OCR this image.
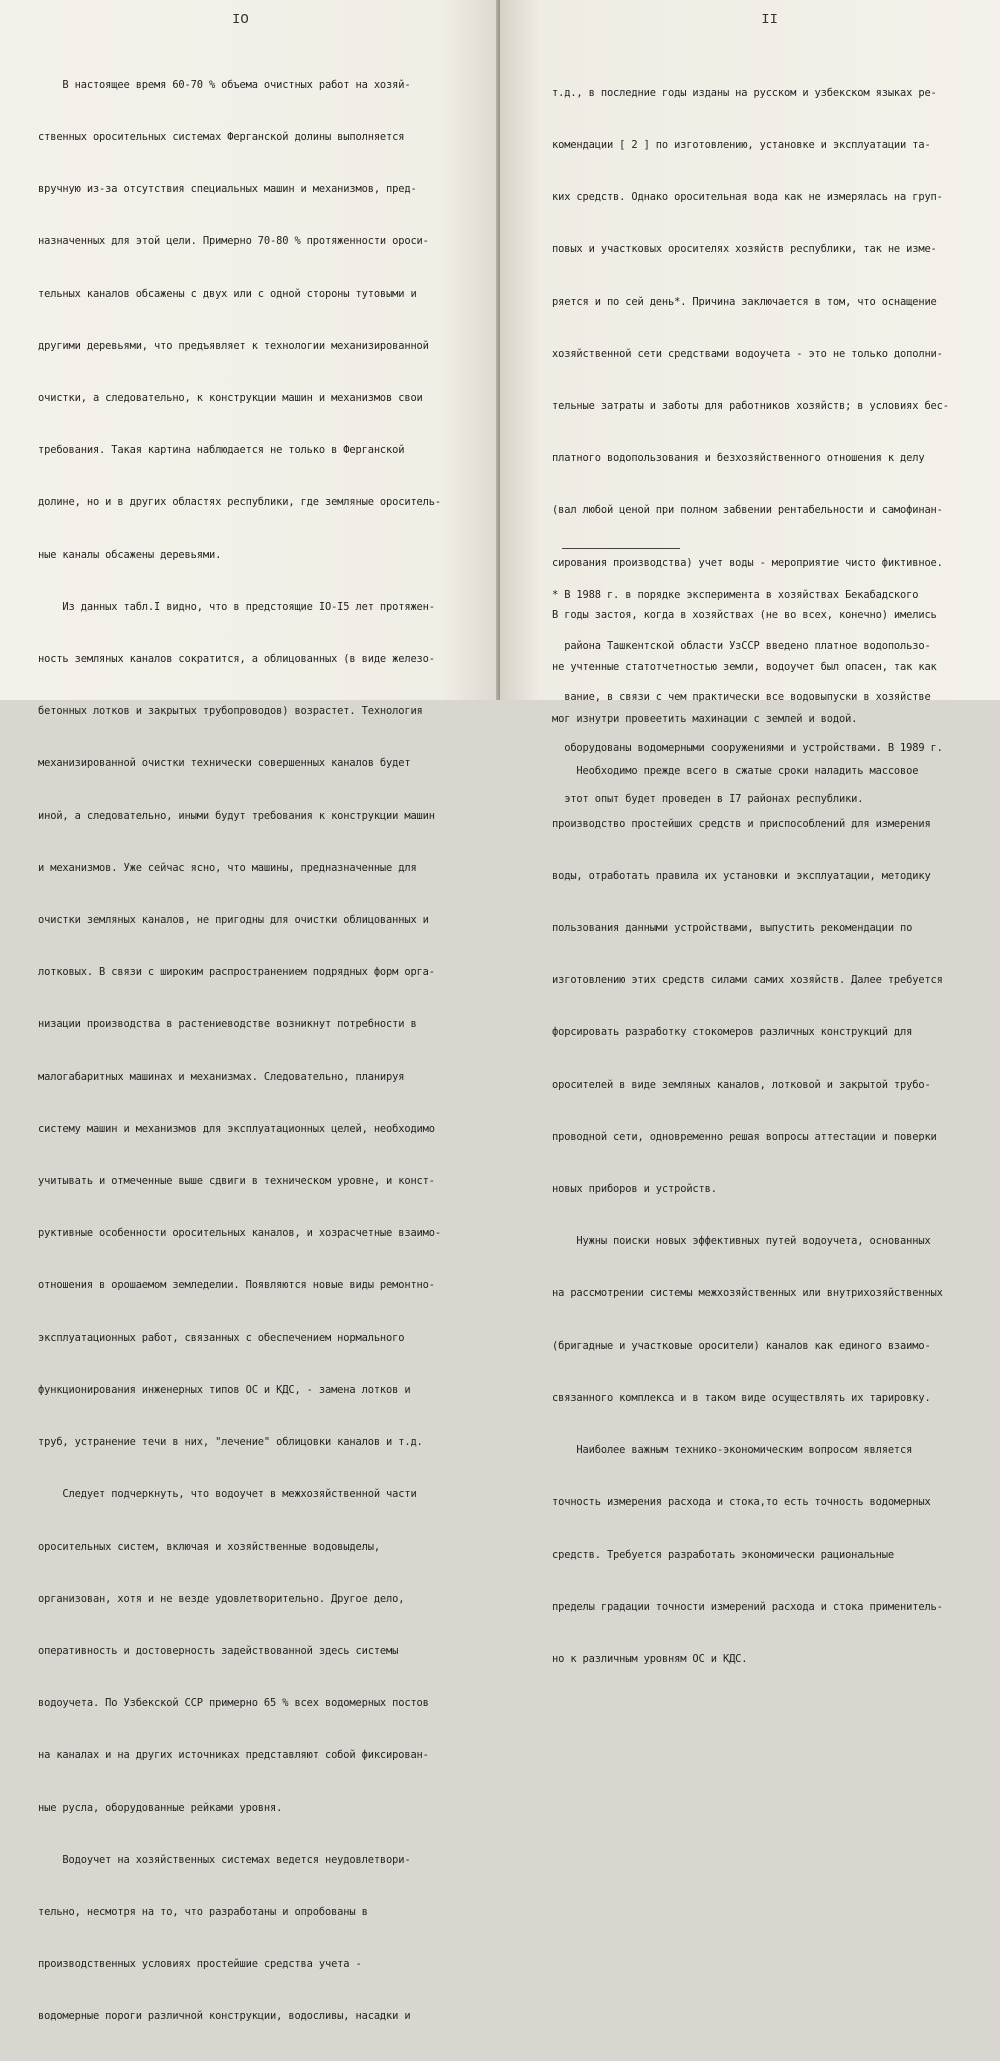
IO

В настоящее время 60-70 % объема очистных работ на хозяй-

ственных оросительных системах Ферганской долины выполняется

вручную из-за отсутствия специальных машин и механизмов, пред-

назначенных для этой цели. Примерно 70-80 % протяженности ороси-

тельных каналов обсажены с двух или с одной стороны тутовыми и

другими деревьями, что предъявляет к технологии механизированной

очистки, а следовательно, к конструкции машин и механизмов свои

требования. Такая картина наблюдается не только в Ферганской

долине, но и в других областях республики, где земляные ороситель-

ные каналы обсажены деревьями.

Из данных табл.I видно, что в предстоящие IO-I5 лет протяжен-

ность земляных каналов сократится, а облицованных (в виде железо-

бетонных лотков и закрытых трубопроводов) возрастет. Технология

механизированной очистки технически совершенных каналов будет

иной, а следовательно, иными будут требования к конструкции машин

и механизмов. Уже сейчас ясно, что машины, предназначенные для

очистки земляных каналов, не пригодны для очистки облицованных и

лотковых. В связи с широким распространением подрядных форм орга-

низации производства в растениеводстве возникнут потребности в

малогабаритных машинах и механизмах. Следовательно, планируя

систему машин и механизмов для эксплуатационных целей, необходимо

учитывать и отмеченные выше сдвиги в техническом уровне, и конст-

руктивные особенности оросительных каналов, и хозрасчетные взаимо-

отношения в орошаемом земледелии. Появляются новые виды ремонтно-

эксплуатационных работ, связанных с обеспечением нормального

функционирования инженерных типов ОС и КДС, - замена лотков и

труб, устранение течи в них, "лечение" облицовки каналов и т.д.

Следует подчеркнуть, что водоучет в межхозяйственной части

оросительных систем, включая и хозяйственные водовыделы,

организован, хотя и не везде удовлетворительно. Другое дело,

оперативность и достоверность задействованной здесь системы

водоучета. По Узбекской ССР примерно 65 % всех водомерных постов

на каналах и на других источниках представляют собой фиксирован-

ные русла, оборудованные рейками уровня.

Водоучет на хозяйственных системах ведется неудовлетвори-

тельно, несмотря на то, что разработаны и опробованы в

производственных условиях простейшие средства учета -

водомерные пороги различной конструкции, водосливы, насадки и

II

т.д., в последние годы изданы на русском и узбекском языках ре-

комендации [ 2 ] по изготовлению, установке и эксплуатации та-

ких средств. Однако оросительная вода как не измерялась на груп-

повых и участковых оросителях хозяйств республики, так не изме-

ряется и по сей день*. Причина заключается в том, что оснащение

хозяйственной сети средствами водоучета - это не только дополни-

тельные затраты и заботы для работников хозяйств; в условиях бес-

платного водопользования и безхозяйственного отношения к делу

(вал любой ценой при полном забвении рентабельности и самофинан-

сирования производства) учет воды - мероприятие чисто фиктивное.

В годы застоя, когда в хозяйствах (не во всех, конечно) имелись

не учтенные статотчетностью земли, водоучет был опасен, так как

мог изнутри провеетить махинации с землей и водой.

Необходимо прежде всего в сжатые сроки наладить массовое

производство простейших средств и приспособлений для измерения

воды, отработать правила их установки и эксплуатации, методику

пользования данными устройствами, выпустить рекомендации по

изготовлению этих средств силами самих хозяйств. Далее требуется

форсировать разработку стокомеров различных конструкций для

оросителей в виде земляных каналов, лотковой и закрытой трубо-

проводной сети, одновременно решая вопросы аттестации и поверки

новых приборов и устройств.

Нужны поиски новых эффективных путей водоучета, основанных

на рассмотрении системы межхозяйственных или внутрихозяйственных

(бригадные и участковые оросители) каналов как единого взаимо-

связанного комплекса и в таком виде осуществлять их тарировку.

Наиболее важным технико-экономическим вопросом является

точность измерения расхода и стока,то есть точность водомерных

средств. Требуется разработать экономически рациональные

пределы градации точности измерений расхода и стока применитель-

но к различным уровням ОС и КДС.

* В 1988 г. в порядке эксперимента в хозяйствах Бекабадского

района Ташкентской области УзССР введено платное водопользо-

вание, в связи с чем практически все водовыпуски в хозяйстве

оборудованы водомерными сооружениями и устройствами. В 1989 г.

этот опыт будет проведен в I7 районах республики.
